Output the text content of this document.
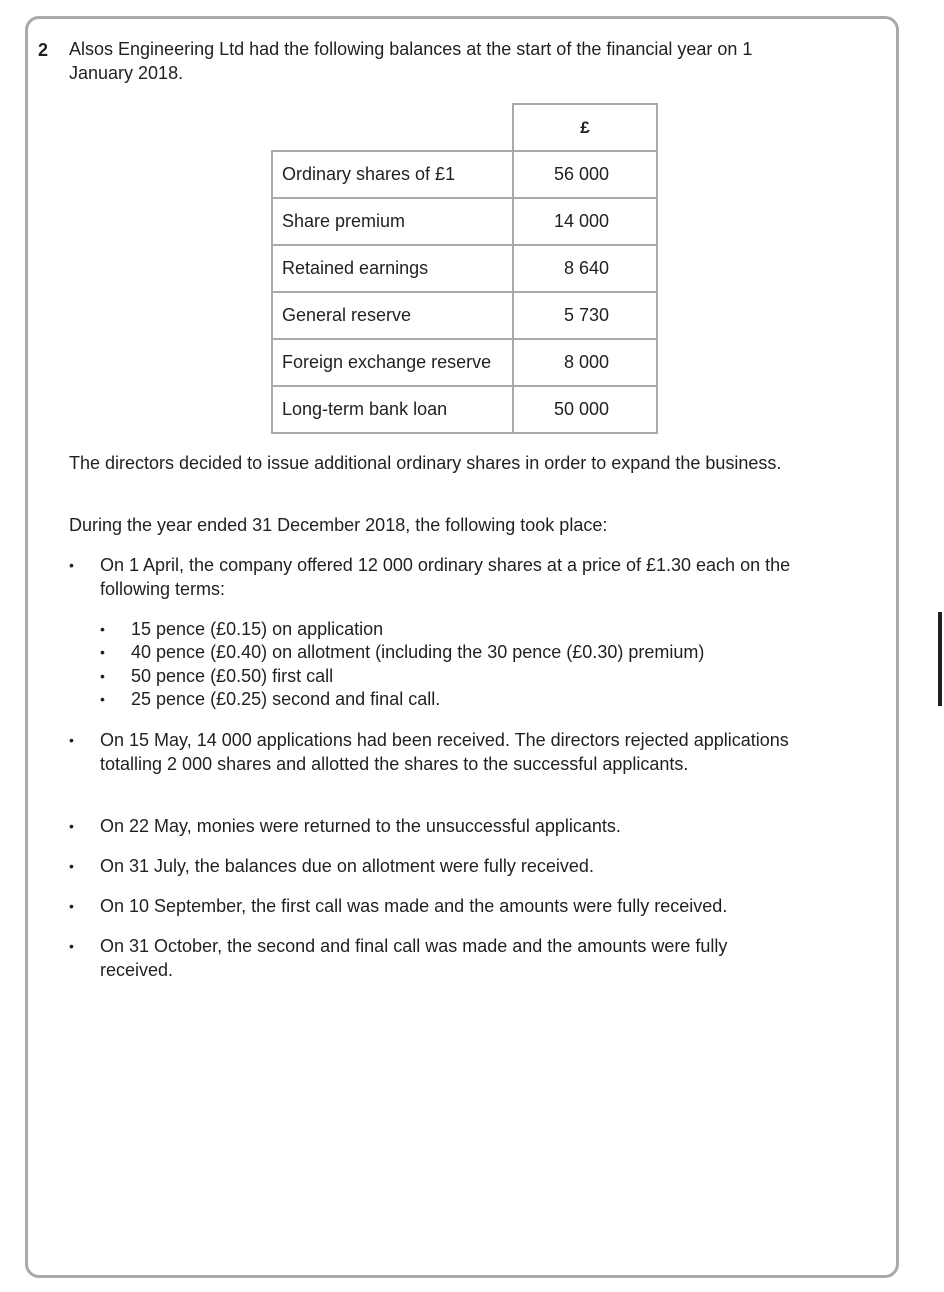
2 Alsos Engineering Ltd had the following balances at the start of the financial year on 1 January 2018.
	£
Ordinary shares of £1	56 000
Share premium	14 000
Retained earnings	8 640
General reserve	5 730
Foreign exchange reserve	8 000
Long-term bank loan	50 000
The directors decided to issue additional ordinary shares in order to expand the business.
During the year ended 31 December 2018, the following took place:
• On 1 April, the company offered 12 000 ordinary shares at a price of £1.30 each on the following terms:
• 15 pence (£0.15) on application
• 40 pence (£0.40) on allotment (including the 30 pence (£0.30) premium)
• 50 pence (£0.50) first call
• 25 pence (£0.25) second and final call.
• On 15 May, 14 000 applications had been received. The directors rejected applications totalling 2 000 shares and allotted the shares to the successful applicants.
• On 22 May, monies were returned to the unsuccessful applicants.
• On 31 July, the balances due on allotment were fully received.
• On 10 September, the first call was made and the amounts were fully received.
• On 31 October, the second and final call was made and the amounts were fully received.
